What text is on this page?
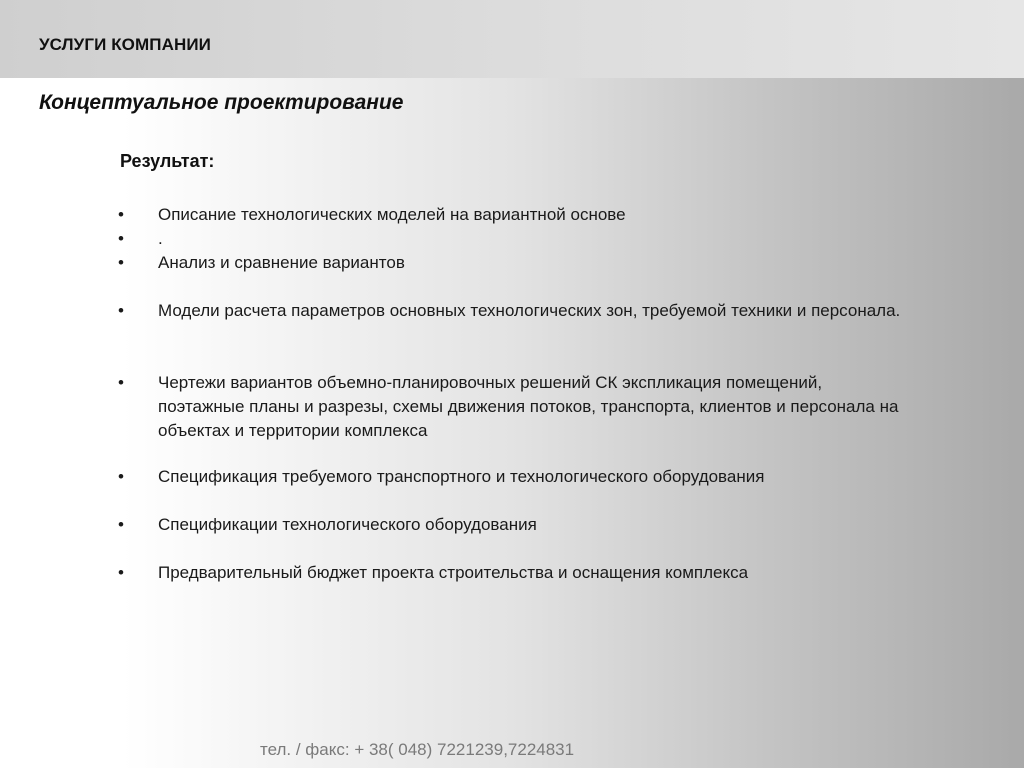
УСЛУГИ КОМПАНИИ
Концептуальное проектирование
Результат:
• Описание технологических моделей на вариантной основе
• .
• Анализ и сравнение вариантов
• Модели расчета параметров основных технологических зон, требуемой техники и персонала.
• Чертежи вариантов объемно-планировочных решений СК экспликация помещений, поэтажные планы и разрезы, схемы движения потоков, транспорта, клиентов и персонала на объектах и территории комплекса
• Спецификация требуемого транспортного и технологического оборудования
• Спецификации технологического оборудования
• Предварительный бюджет проекта строительства и оснащения комплекса
тел. / факс: + 38( 048) 7221239,7224831
